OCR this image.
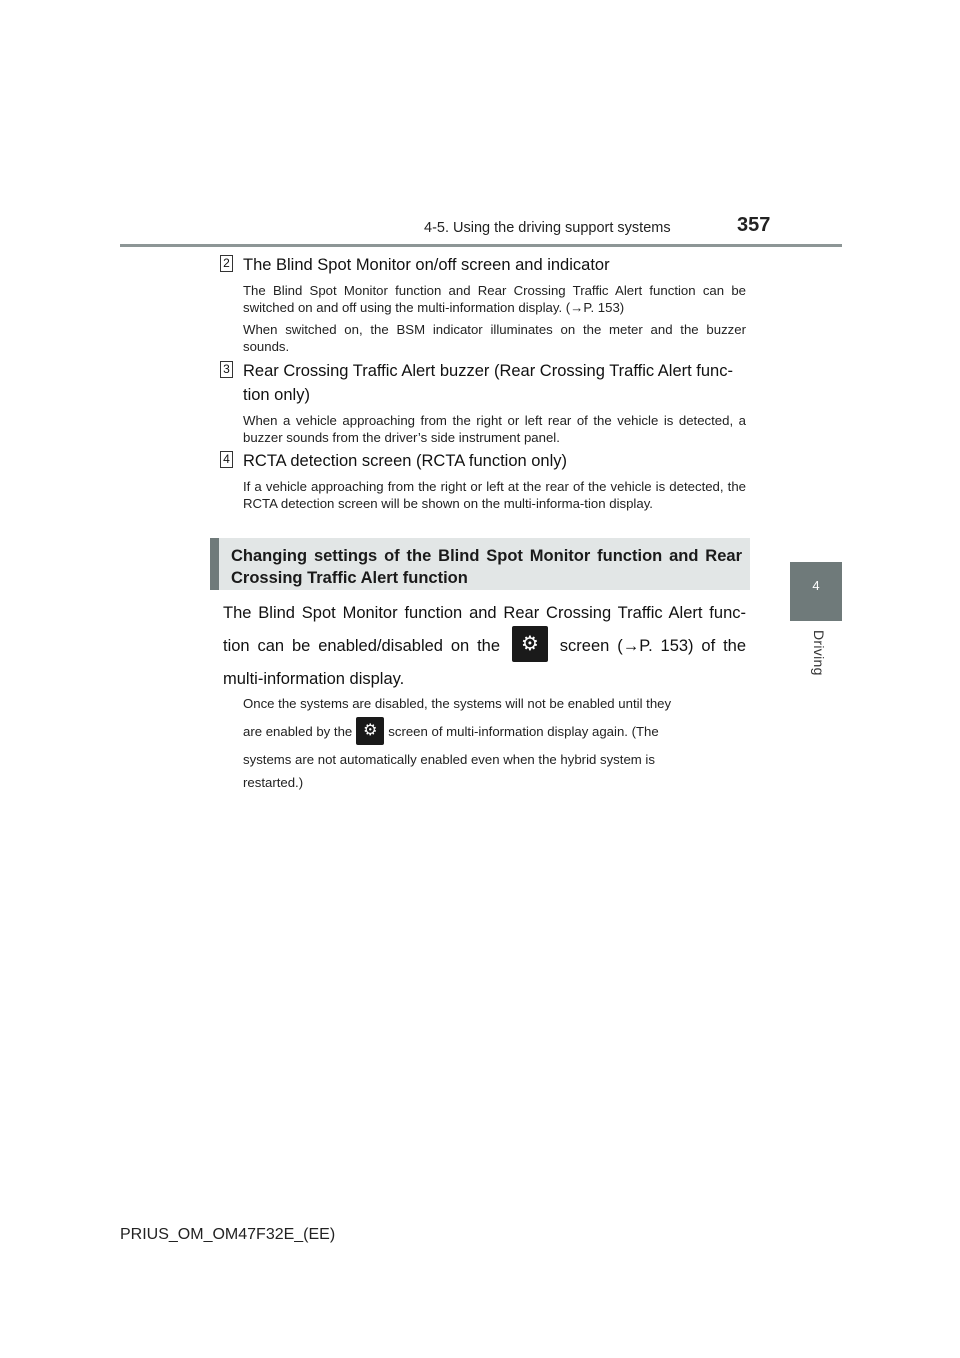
4-5. Using the driving support systems	357
4
Driving
2 The Blind Spot Monitor on/off screen and indicator

The Blind Spot Monitor function and Rear Crossing Traffic Alert function can be switched on and off using the multi-information display. (→P. 153)

When switched on, the BSM indicator illuminates on the meter and the buzzer sounds.

3 Rear Crossing Traffic Alert buzzer (Rear Crossing Traffic Alert func-tion only)

When a vehicle approaching from the right or left rear of the vehicle is detected, a buzzer sounds from the driver’s side instrument panel.

4 RCTA detection screen (RCTA function only)

If a vehicle approaching from the right or left at the rear of the vehicle is detected, the RCTA detection screen will be shown on the multi-informa-tion display.

Changing settings of the Blind Spot Monitor function and Rear Crossing Traffic Alert function
The Blind Spot Monitor function and Rear Crossing Traffic Alert func-tion can be enabled/disabled on the ⚙ screen (→P. 153) of the multi-information display.
Once the systems are disabled, the systems will not be enabled until they
are enabled by the ⚙ screen of multi-information display again. (The
systems are not automatically enabled even when the hybrid system is
restarted.)
PRIUS_OM_OM47F32E_(EE)
